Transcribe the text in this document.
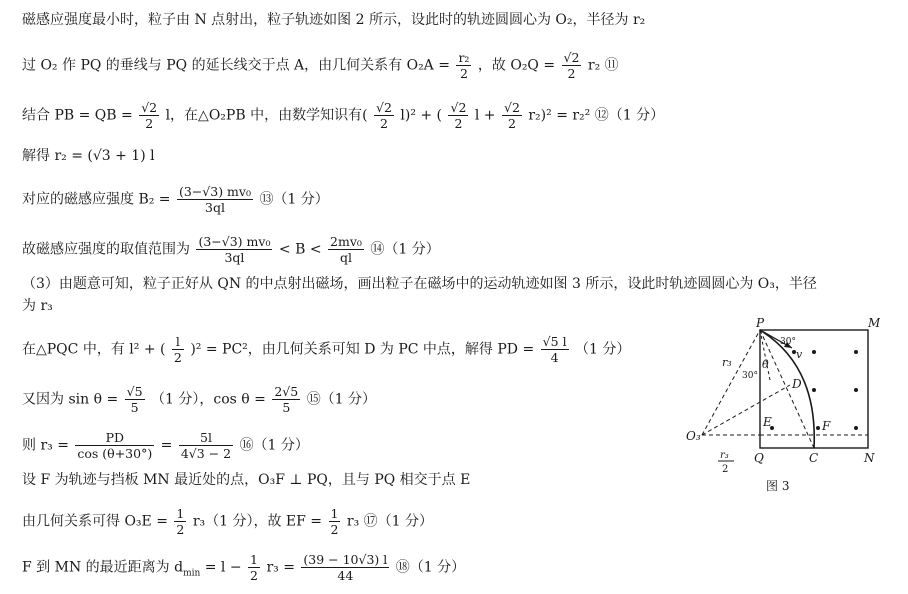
磁感应强度最小时，粒子由 N 点射出，粒子轨迹如图 2 所示，设此时的轨迹圆圆心为 O₂，半径为 r₂
过 O₂ 作 PQ 的垂线与 PQ 的延长线交于点 A，由几何关系有 $O_2A = \frac{\text{r₂}}{2}$ ，故 $O_2Q = \frac{√2}{2} r_2$ ⑪
结合 PB = QB = $\frac{√2}{2}$ l，在△O₂PB 中，由数学知识有( $\frac{√2}{2} l)^2$ + ( $\frac{√2}{2}$ $l + \frac{√2}{2} r_2)^2 = r_2^2$ ⑫（1 分）
解得 r₂ = (√3 + 1) l
对应的磁感应强度 $B_2 = \frac{\text{(3−√3) mv₀}}{3ql}$ ⑬（1 分）
故磁感应强度的取值范围为 $\frac{\text{(3−√3) mv₀}}{3ql} < B < \frac{\text{2mv₀}}{ql}$ ⑭（1 分）
（3）由题意可知，粒子正好从 QN 的中点射出磁场，画出粒子在磁场中的运动轨迹如图 3 所示，设此时轨迹圆圆心为 O₃，半径
为 r₃
在△PQC 中，有 l² + ( $\frac{l}{2} )^2 = PC^2$，由几何关系可知 D 为 PC 中点，解得 PD = $\frac{√5 l}{4} (1$ 分）
又因为 $\sin \theta = \frac{√5}{5} (1$ 分），$\cos \theta = \frac{2√5}{5}$ ⑮（1 分）
则 $r_3 = \frac{PD}{\cos (\theta+30^\circ)} = \frac{5l}{4√3 - 2}$ ⑯（1 分）
设 F 为轨迹与挡板 MN 最近处的点，O₃F ⊥ PQ，且与 PQ 相交于点 E
由几何关系可得 $O_3E = \frac{1}{2} r_3(1$ 分），故 EF = $\frac{1}{2} r_3$ ⑰（1 分）
F 到 MN 的最近距离为 $d_{min} = l - \frac{1}{2} r_3 = \frac{(39 - 10√3) l}{44}$ ⑱（1 分）
P	M
Q	C	N
O₃
D
E	F
v
r₃	θ
30°
30°
r₃
2
图 3
